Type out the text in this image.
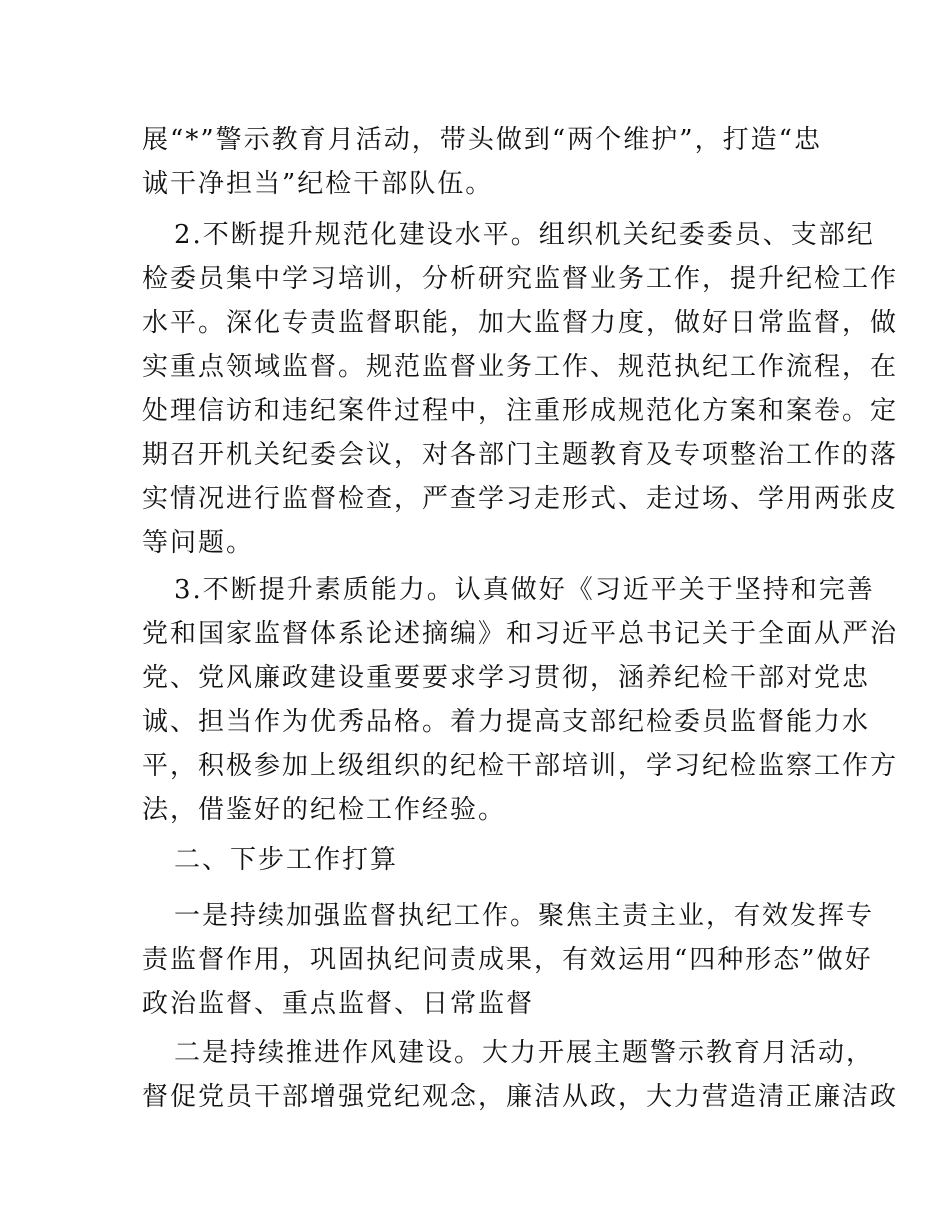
展“*”警示教育月活动，带头做到“两个维护”，打造“忠
诚干净担当”纪检干部队伍。
2.不断提升规范化建设水平。组织机关纪委委员、支部纪
检委员集中学习培训，分析研究监督业务工作，提升纪检工作
水平。深化专责监督职能，加大监督力度，做好日常监督，做
实重点领域监督。规范监督业务工作、规范执纪工作流程，在
处理信访和违纪案件过程中，注重形成规范化方案和案卷。定
期召开机关纪委会议，对各部门主题教育及专项整治工作的落
实情况进行监督检查，严查学习走形式、走过场、学用两张皮
等问题。
3.不断提升素质能力。认真做好《习近平关于坚持和完善
党和国家监督体系论述摘编》和习近平总书记关于全面从严治
党、党风廉政建设重要要求学习贯彻，涵养纪检干部对党忠
诚、担当作为优秀品格。着力提高支部纪检委员监督能力水
平，积极参加上级组织的纪检干部培训，学习纪检监察工作方
法，借鉴好的纪检工作经验。
二、下步工作打算
一是持续加强监督执纪工作。聚焦主责主业，有效发挥专
责监督作用，巩固执纪问责成果，有效运用“四种形态”做好
政治监督、重点监督、日常监督
二是持续推进作风建设。大力开展主题警示教育月活动，
督促党员干部增强党纪观念，廉洁从政，大力营造清正廉洁政
